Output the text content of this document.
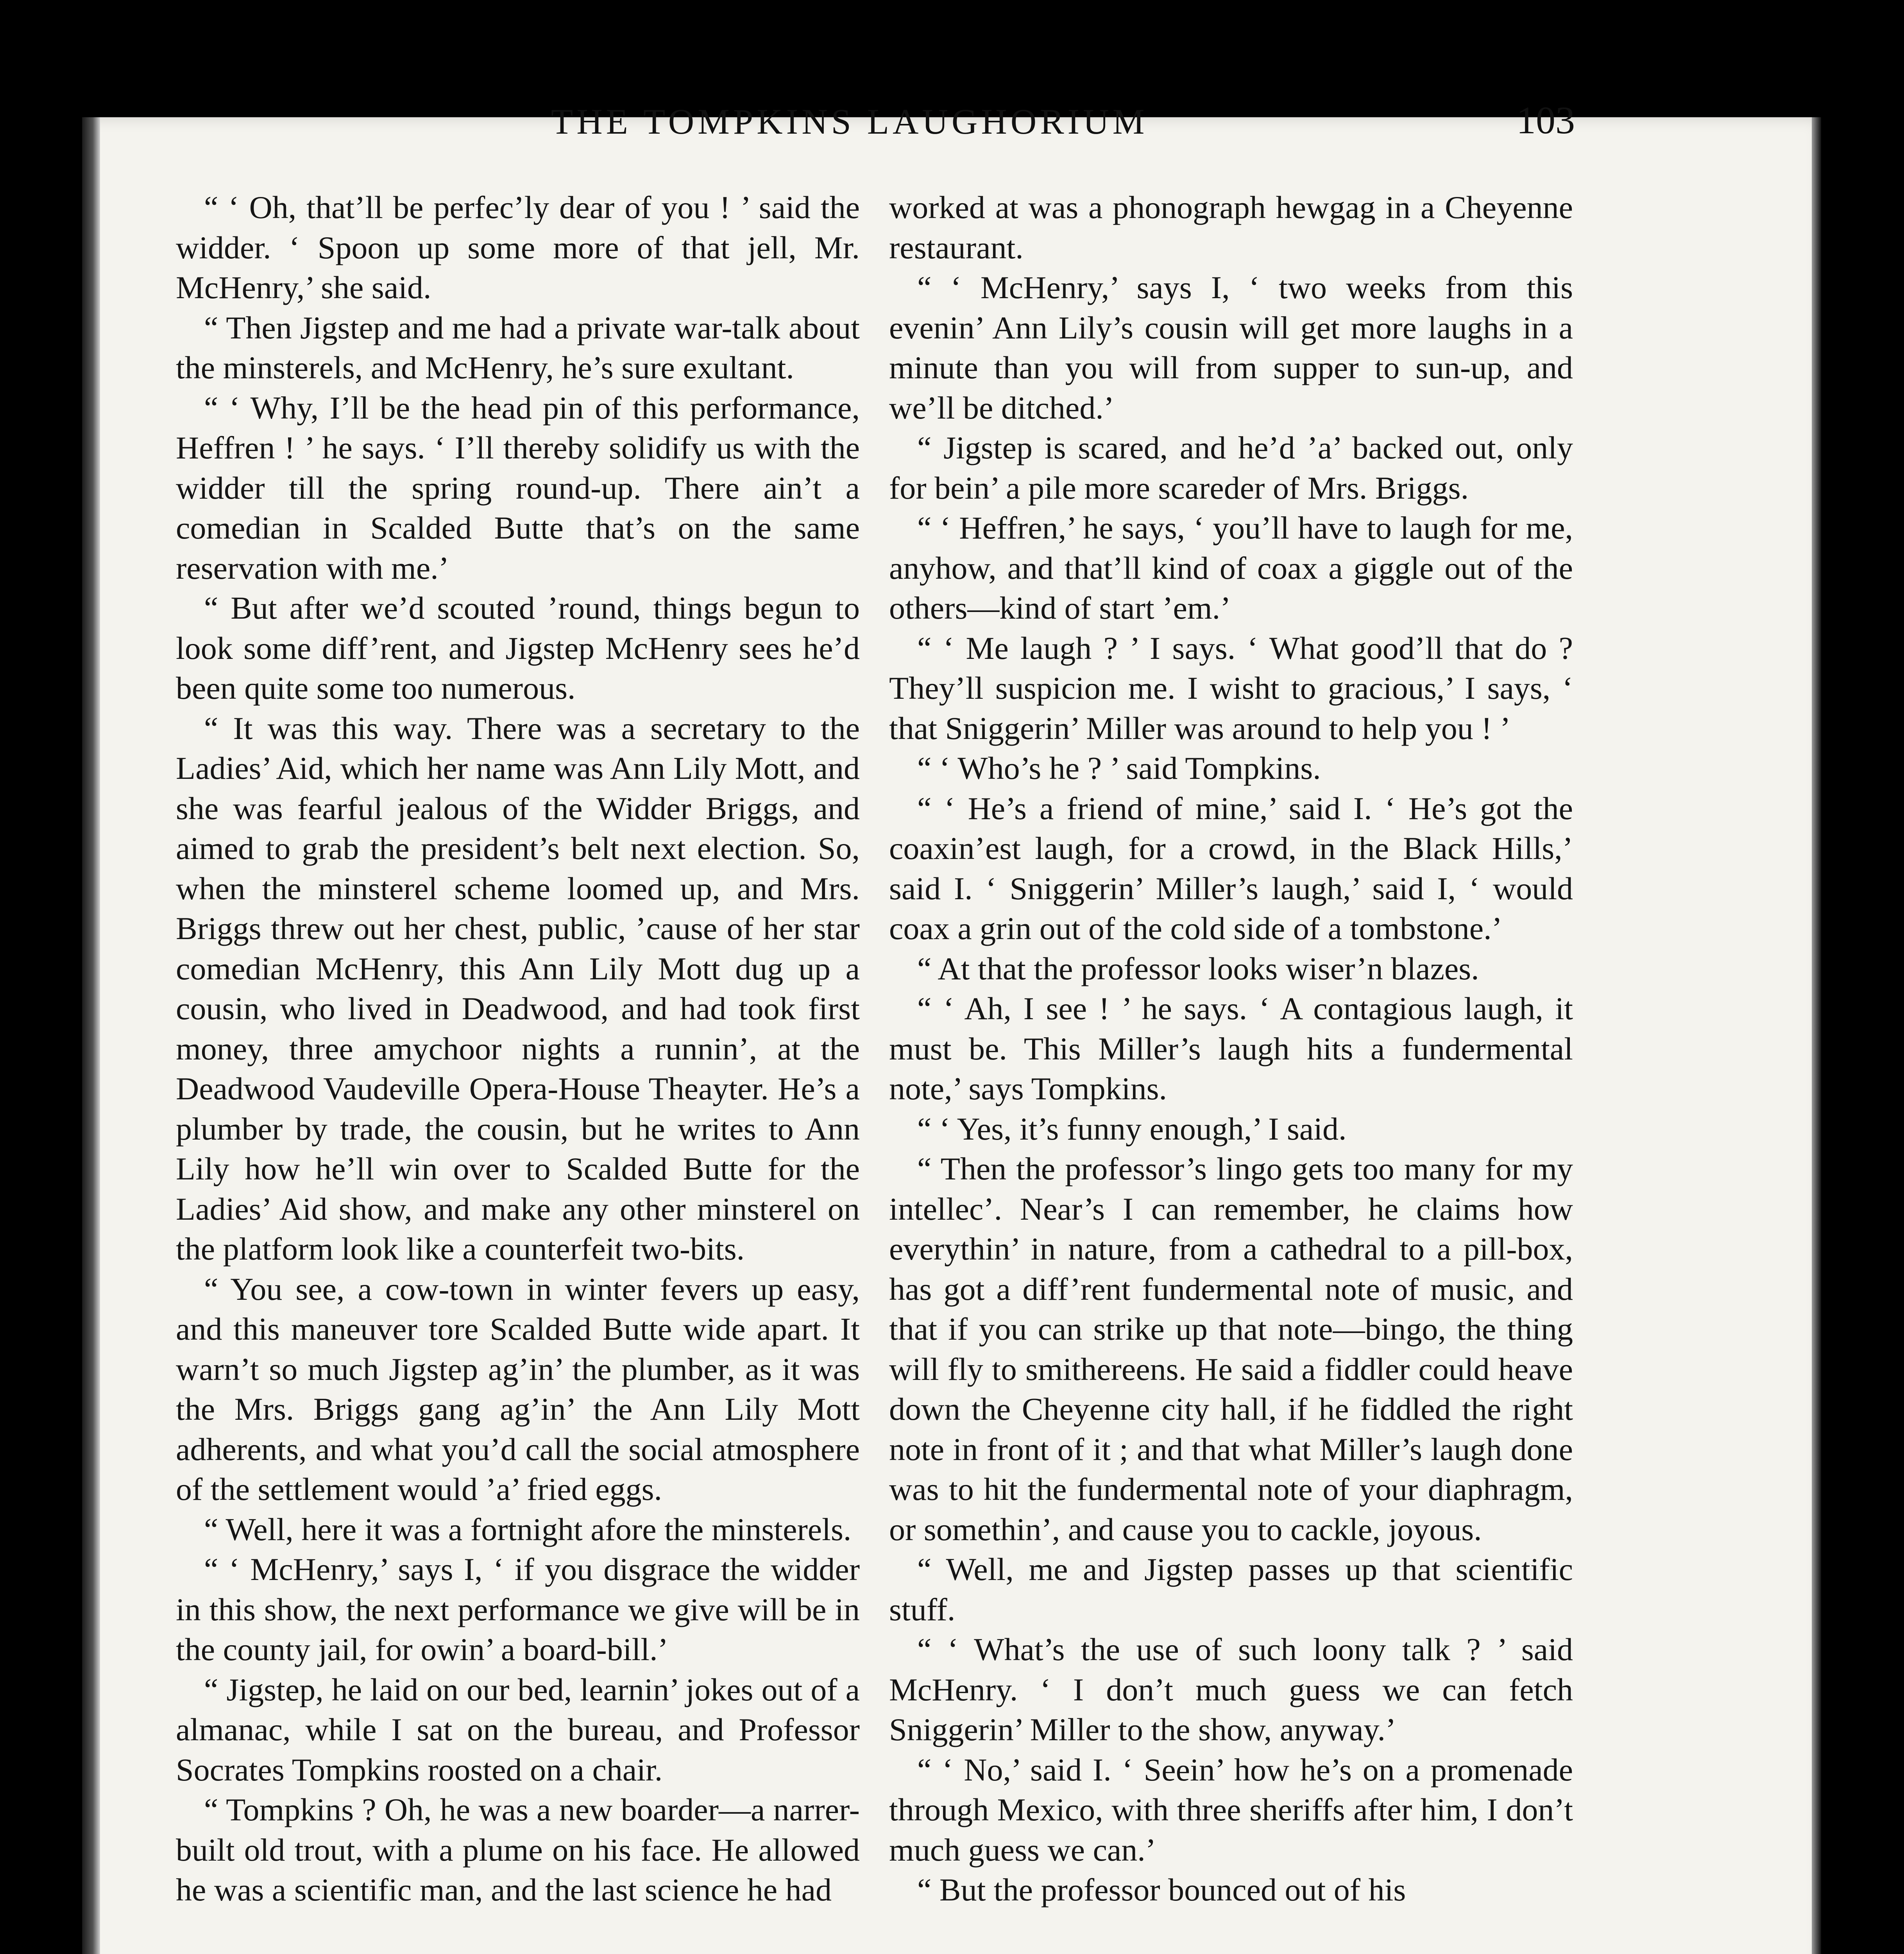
THE TOMPKINS LAUGHORIUM	103

“ ‘ Oh, that’ll be perfec’ly dear of you ! ’ said the widder. ‘ Spoon up some more of that jell, Mr. McHenry,’ she said.

“ Then Jigstep and me had a private war-talk about the minsterels, and McHenry, he’s sure exultant.

“ ‘ Why, I’ll be the head pin of this performance, Heffren ! ’ he says. ‘ I’ll thereby solidify us with the widder till the spring round-up. There ain’t a comedian in Scalded Butte that’s on the same reservation with me.’

“ But after we’d scouted ’round, things begun to look some diff’rent, and Jigstep McHenry sees he’d been quite some too numerous.

“ It was this way. There was a secretary to the Ladies’ Aid, which her name was Ann Lily Mott, and she was fearful jealous of the Widder Briggs, and aimed to grab the president’s belt next election. So, when the minsterel scheme loomed up, and Mrs. Briggs threw out her chest, public, ’cause of her star comedian McHenry, this Ann Lily Mott dug up a cousin, who lived in Deadwood, and had took first money, three amychoor nights a runnin’, at the Deadwood Vaudeville Opera-House Theayter. He’s a plumber by trade, the cousin, but he writes to Ann Lily how he’ll win over to Scalded Butte for the Ladies’ Aid show, and make any other minsterel on the platform look like a counterfeit two-bits.

“ You see, a cow-town in winter fevers up easy, and this maneuver tore Scalded Butte wide apart. It warn’t so much Jigstep ag’in’ the plumber, as it was the Mrs. Briggs gang ag’in’ the Ann Lily Mott adherents, and what you’d call the social atmosphere of the settlement would ’a’ fried eggs.

“ Well, here it was a fortnight afore the minsterels.

“ ‘ McHenry,’ says I, ‘ if you disgrace the widder in this show, the next performance we give will be in the county jail, for owin’ a board-bill.’

“ Jigstep, he laid on our bed, learnin’ jokes out of a almanac, while I sat on the bureau, and Professor Socrates Tompkins roosted on a chair.

“ Tompkins ? Oh, he was a new boarder—a narrer-built old trout, with a plume on his face. He allowed he was a scientific man, and the last science he had

worked at was a phonograph hewgag in a Cheyenne restaurant.

“ ‘ McHenry,’ says I, ‘ two weeks from this evenin’ Ann Lily’s cousin will get more laughs in a minute than you will from supper to sun-up, and we’ll be ditched.’

“ Jigstep is scared, and he’d ’a’ backed out, only for bein’ a pile more scareder of Mrs. Briggs.

“ ‘ Heffren,’ he says, ‘ you’ll have to laugh for me, anyhow, and that’ll kind of coax a giggle out of the others—kind of start ’em.’

“ ‘ Me laugh ? ’ I says. ‘ What good’ll that do ? They’ll suspicion me. I wisht to gracious,’ I says, ‘ that Sniggerin’ Miller was around to help you ! ’

“ ‘ Who’s he ? ’ said Tompkins.

“ ‘ He’s a friend of mine,’ said I. ‘ He’s got the coaxin’est laugh, for a crowd, in the Black Hills,’ said I. ‘ Sniggerin’ Miller’s laugh,’ said I, ‘ would coax a grin out of the cold side of a tombstone.’

“ At that the professor looks wiser’n blazes.

“ ‘ Ah, I see ! ’ he says. ‘ A contagious laugh, it must be. This Miller’s laugh hits a fundermental note,’ says Tompkins.

“ ‘ Yes, it’s funny enough,’ I said.

“ Then the professor’s lingo gets too many for my intellec’. Near’s I can remember, he claims how everythin’ in nature, from a cathedral to a pill-box, has got a diff’rent fundermental note of music, and that if you can strike up that note—bingo, the thing will fly to smithereens. He said a fiddler could heave down the Cheyenne city hall, if he fiddled the right note in front of it ; and that what Miller’s laugh done was to hit the fundermental note of your diaphragm, or somethin’, and cause you to cackle, joyous.

“ Well, me and Jigstep passes up that scientific stuff.

“ ‘ What’s the use of such loony talk ? ’ said McHenry. ‘ I don’t much guess we can fetch Sniggerin’ Miller to the show, anyway.’

“ ‘ No,’ said I. ‘ Seein’ how he’s on a promenade through Mexico, with three sheriffs after him, I don’t much guess we can.’

“ But the professor bounced out of his
